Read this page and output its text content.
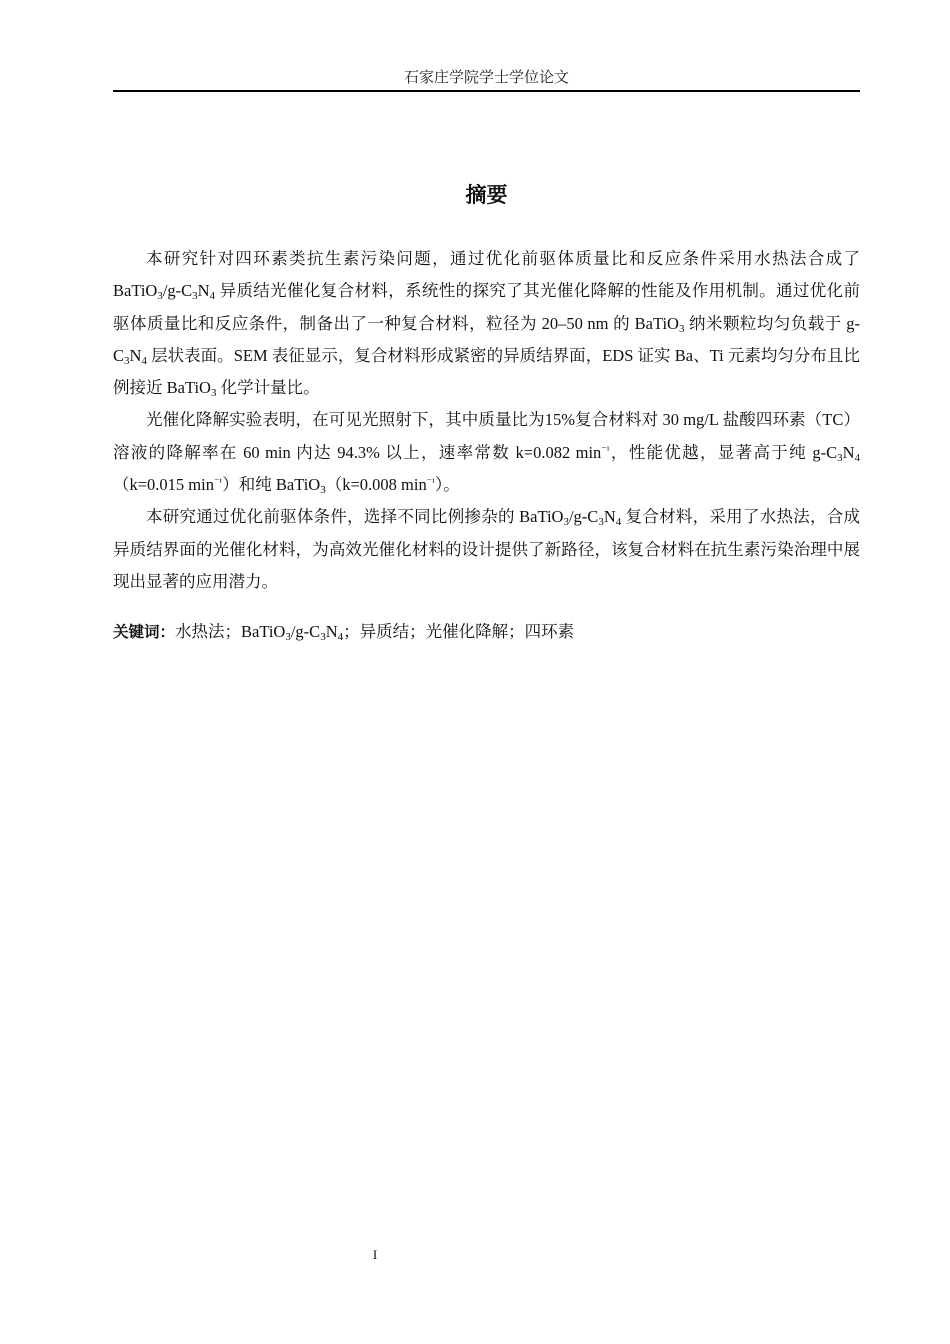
石家庄学院学士学位论文
摘要

本研究针对四环素类抗生素污染问题，通过优化前驱体质量比和反应条件采用水热法合成了 $BaTiO_3/g-C_3N_4$ 异质结光催化复合材料，系统性的探究了其光催化降解的性能及作用机制。通过优化前驱体质量比和反应条件，制备出了一种复合材料，粒径为 20–50 nm 的 BaTiO$_3$ 纳米颗粒均匀负载于 $g-C_3N_4$ 层状表面。SEM 表征显示，复合材料形成紧密的异质结界面，EDS 证实 Ba、Ti 元素均匀分布且比例接近 BaTiO$_3$ 化学计量比。

光催化降解实验表明，在可见光照射下，其中质量比为15%复合材料对 30 mg/L 盐酸四环素（TC）溶液的降解率在 60 min 内达 94.3% 以上，速率常数 k=0.082 $\min^{^{-1}}$，性能优越，显著高于纯 $g-C_3N_4(k=0.015$ $\min^{^{-1}}$）和纯 BaTiO$_3$（k=0.008 $\min^{^{-1}}$）。

本研究通过优化前驱体条件，选择不同比例掺杂的 $BaTiO_3/g-C_3N_4$ 复合材料，采用了水热法，合成异质结界面的光催化材料，为高效光催化材料的设计提供了新路径，该复合材料在抗生素污染治理中展现出显著的应用潜力。

关键词：水热法；$BaTiO_3/g-C_3N_4$；异质结；光催化降解；四环素
I
